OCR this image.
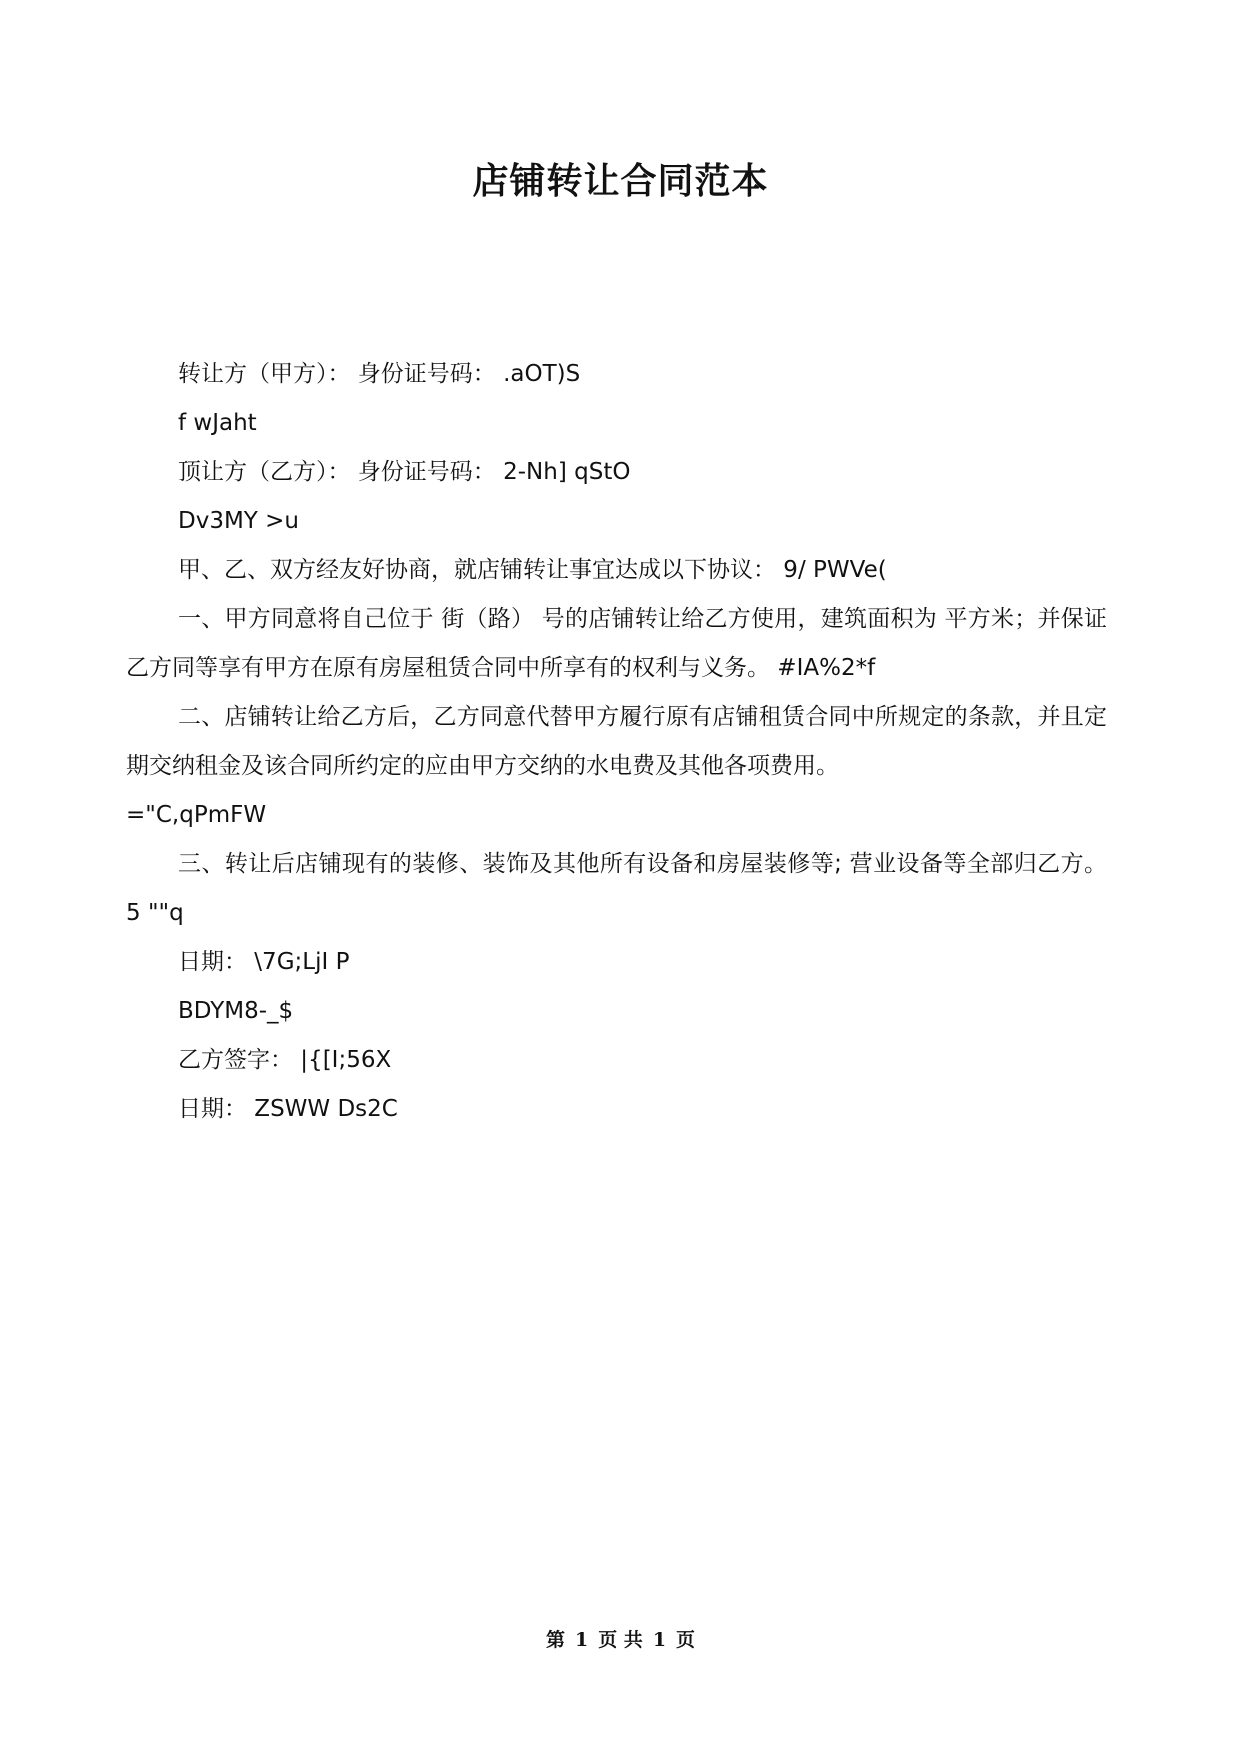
店铺转让合同范本

转让方（甲方）： 身份证号码： .aOT)S

f wJaht

顶让方（乙方）： 身份证号码： 2-Nh] qStO

Dv3MY >u

甲、乙、双方经友好协商，就店铺转让事宜达成以下协议： 9/ PWVe(

一、甲方同意将自己位于 街（路） 号的店铺转让给乙方使用，建筑面积为 平方米；并保证乙方同等享有甲方在原有房屋租赁合同中所享有的权利与义务。 #IA%2*f

二、店铺转让给乙方后，乙方同意代替甲方履行原有店铺租赁合同中所规定的条款，并且定期交纳租金及该合同所约定的应由甲方交纳的水电费及其他各项费用。

="C,qPmFW

三、转让后店铺现有的装修、装饰及其他所有设备和房屋装修等; 营业设备等全部归乙方。 5 ""q

日期： \7G;LjI P

BDYM8-_$

乙方签字： |{[I;56X

日期： ZSWW Ds2C

第 1 页 共 1 页
